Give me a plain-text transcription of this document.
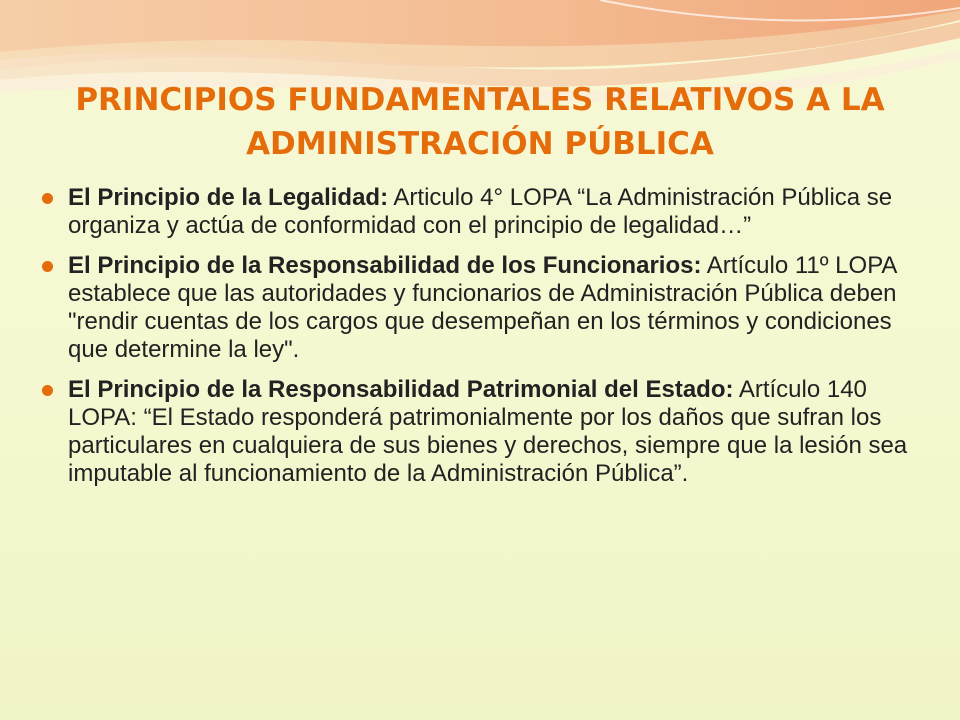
PRINCIPIOS FUNDAMENTALES RELATIVOS A LA
ADMINISTRACIÓN PÚBLICA
El Principio de la Legalidad: Articulo 4° LOPA “La Administración Pública se organiza y actúa de conformidad con el principio de legalidad…”
El Principio de la Responsabilidad de los Funcionarios: Artículo 11º LOPA establece que las autoridades y funcionarios de Administración Pública deben "rendir cuentas de los cargos que desempeñan en los términos y condiciones que determine la ley".
El Principio de la Responsabilidad Patrimonial del Estado: Artículo 140 LOPA: “El Estado responderá patrimonialmente por los daños que sufran los particulares en cualquiera de sus bienes y derechos, siempre que la lesión sea imputable al funcionamiento de la Administración Pública”.
